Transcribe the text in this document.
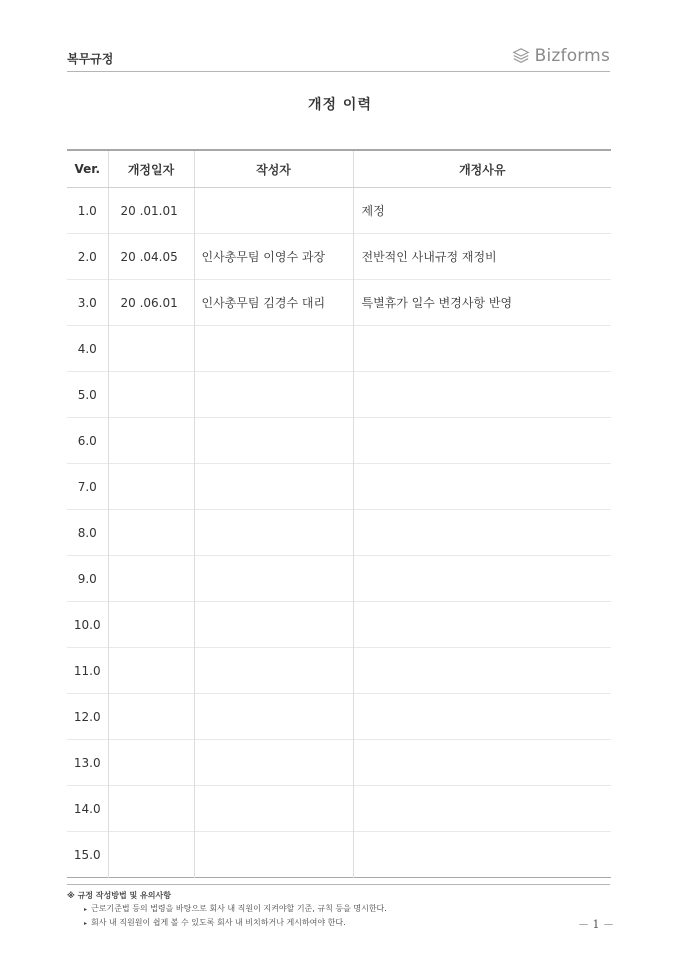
복무규정	Bizforms
개정 이력
Ver.	개정일자	작성자	개정사유
1.0	20 .01.01		제정
2.0	20 .04.05	인사총무팀 이영수 과장	전반적인 사내규정 재정비
3.0	20 .06.01	인사총무팀 김경수 대리	특별휴가 일수 변경사항 반영
4.0			
5.0			
6.0			
7.0			
8.0			
9.0			
10.0			
11.0			
12.0			
13.0			
14.0			
15.0			
※ 규정 작성방법 및 유의사항
▸ 근로기준법 등의 법령을 바탕으로 회사 내 직원이 지켜야할 기준, 규칙 등을 명시한다.
▸ 회사 내 직원원이 쉽게 볼 수 있도록 회사 내 비치하거나 게시하여야 한다.	－ 1 －
